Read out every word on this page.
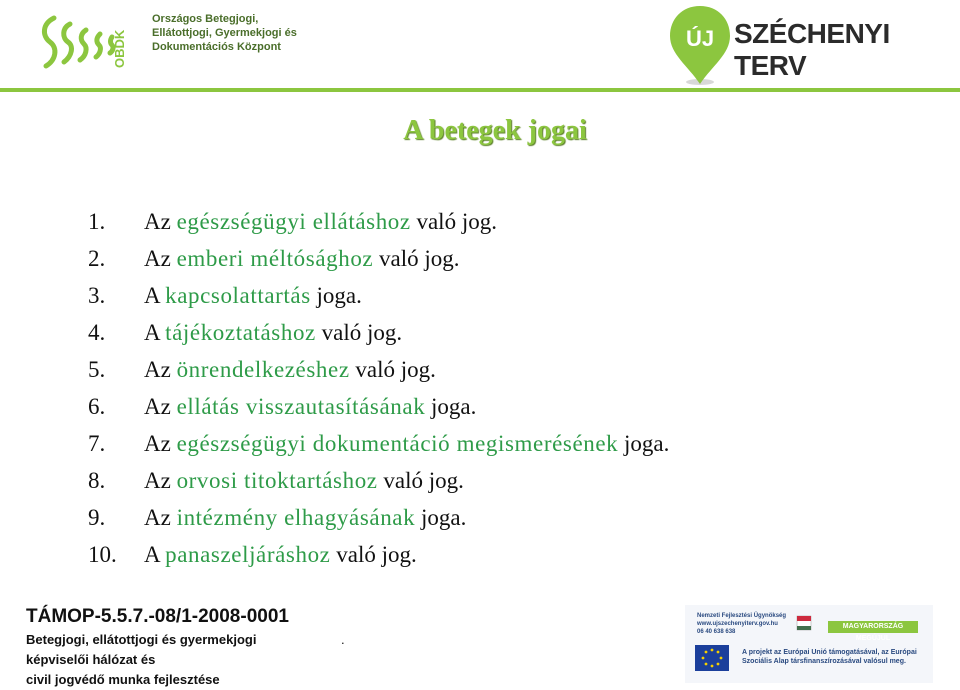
OBDK
Országos Betegjogi,
Ellátottjogi, Gyermekjogi és
Dokumentációs Központ	ÚJ SZÉCHENYI TERV
A betegek jogai
1. Az egészségügyi ellátáshoz való jog.
2. Az emberi méltósághoz való jog.
3. A kapcsolattartás joga.
4. A tájékoztatáshoz való jog.
5. Az önrendelkezéshez való jog.
6. Az ellátás visszautasításának joga.
7. Az egészségügyi dokumentáció megismerésének joga.
8. Az orvosi titoktartáshoz való jog.
9. Az intézmény elhagyásának joga.
10. A panaszeljáráshoz való jog.
TÁMOP-5.5.7.-08/1-2008-0001
Betegjogi, ellátottjogi és gyermekjogi
képviselői hálózat és
civil jogvédő munka fejlesztése
.
Nemzeti Fejlesztési Ügynökség
www.ujszechenyiterv.gov.hu
06 40 638 638
MAGYARORSZÁG MEGÚJUL
A projekt az Európai Unió támogatásával, az Európai
Szociális Alap társfinanszírozásával valósul meg.
